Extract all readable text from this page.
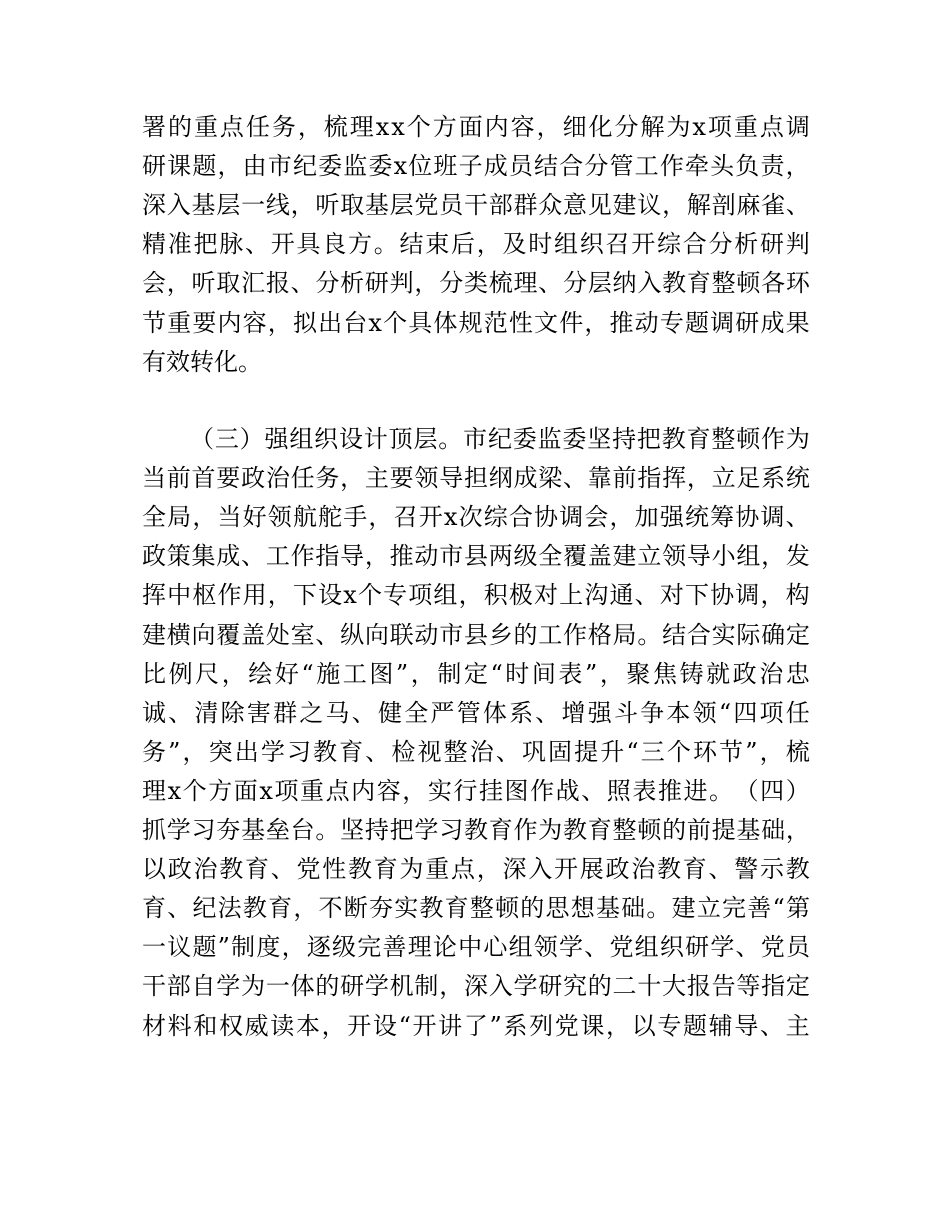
署 的 重 点 任 务 ， 梳 理 x x 个 方 面 内 容 ， 细 化 分 解 为 x 项 重 点 调
研 课 题 ， 由 市 纪 委 监 委 x 位 班 子 成 员 结 合 分 管 工 作 牵 头 负 责 ，
深 入 基 层 一 线 ， 听 取 基 层 党 员 干 部 群 众 意 见 建 议 ， 解 剖 麻 雀 、
精 准 把 脉 、 开 具 良 方 。 结 束 后 ， 及 时 组 织 召 开 综 合 分 析 研 判
会 ， 听 取 汇 报 、 分 析 研 判 ， 分 类 梳 理 、 分 层 纳 入 教 育 整 顿 各 环
节 重 要 内 容 ， 拟 出 台 x 个 具 体 规 范 性 文 件 ， 推 动 专 题 调 研 成 果
有 效 转 化 。
（ 三 ） 强 组 织 设 计 顶 层 。 市 纪 委 监 委 坚 持 把 教 育 整 顿 作 为
当 前 首 要 政 治 任 务 ， 主 要 领 导 担 纲 成 梁 、 靠 前 指 挥 ， 立 足 系 统
全 局 ， 当 好 领 航 舵 手 ， 召 开 x 次 综 合 协 调 会 ， 加 强 统 筹 协 调 、
政 策 集 成 、 工 作 指 导 ， 推 动 市 县 两 级 全 覆 盖 建 立 领 导 小 组 ， 发
挥 中 枢 作 用 ， 下 设 x 个 专 项 组 ， 积 极 对 上 沟 通 、 对 下 协 调 ， 构
建 横 向 覆 盖 处 室 、 纵 向 联 动 市 县 乡 的 工 作 格 局 。 结 合 实 际 确 定
比 例 尺 ， 绘 好 “ 施 工 图 ” ， 制 定 “ 时 间 表 ” ， 聚 焦 铸 就 政 治 忠
诚 、 清 除 害 群 之 马 、 健 全 严 管 体 系 、 增 强 斗 争 本 领 “ 四 项 任
务 ” ， 突 出 学 习 教 育 、 检 视 整 治 、 巩 固 提 升 “ 三 个 环 节 ” ， 梳
理 x 个 方 面 x 项 重 点 内 容 ， 实 行 挂 图 作 战 、 照 表 推 进 。 （ 四 ）
抓 学 习 夯 基 垒 台 。 坚 持 把 学 习 教 育 作 为 教 育 整 顿 的 前 提 基 础 ，
以 政 治 教 育 、 党 性 教 育 为 重 点 ， 深 入 开 展 政 治 教 育 、 警 示 教
育 、 纪 法 教 育 ， 不 断 夯 实 教 育 整 顿 的 思 想 基 础 。 建 立 完 善 “ 第
一 议 题 ” 制 度 ， 逐 级 完 善 理 论 中 心 组 领 学 、 党 组 织 研 学 、 党 员
干 部 自 学 为 一 体 的 研 学 机 制 ， 深 入 学 研 究 的 二 十 大 报 告 等 指 定
材 料 和 权 威 读 本 ， 开 设 “ 开 讲 了 ” 系 列 党 课 ， 以 专 题 辅 导 、 主
